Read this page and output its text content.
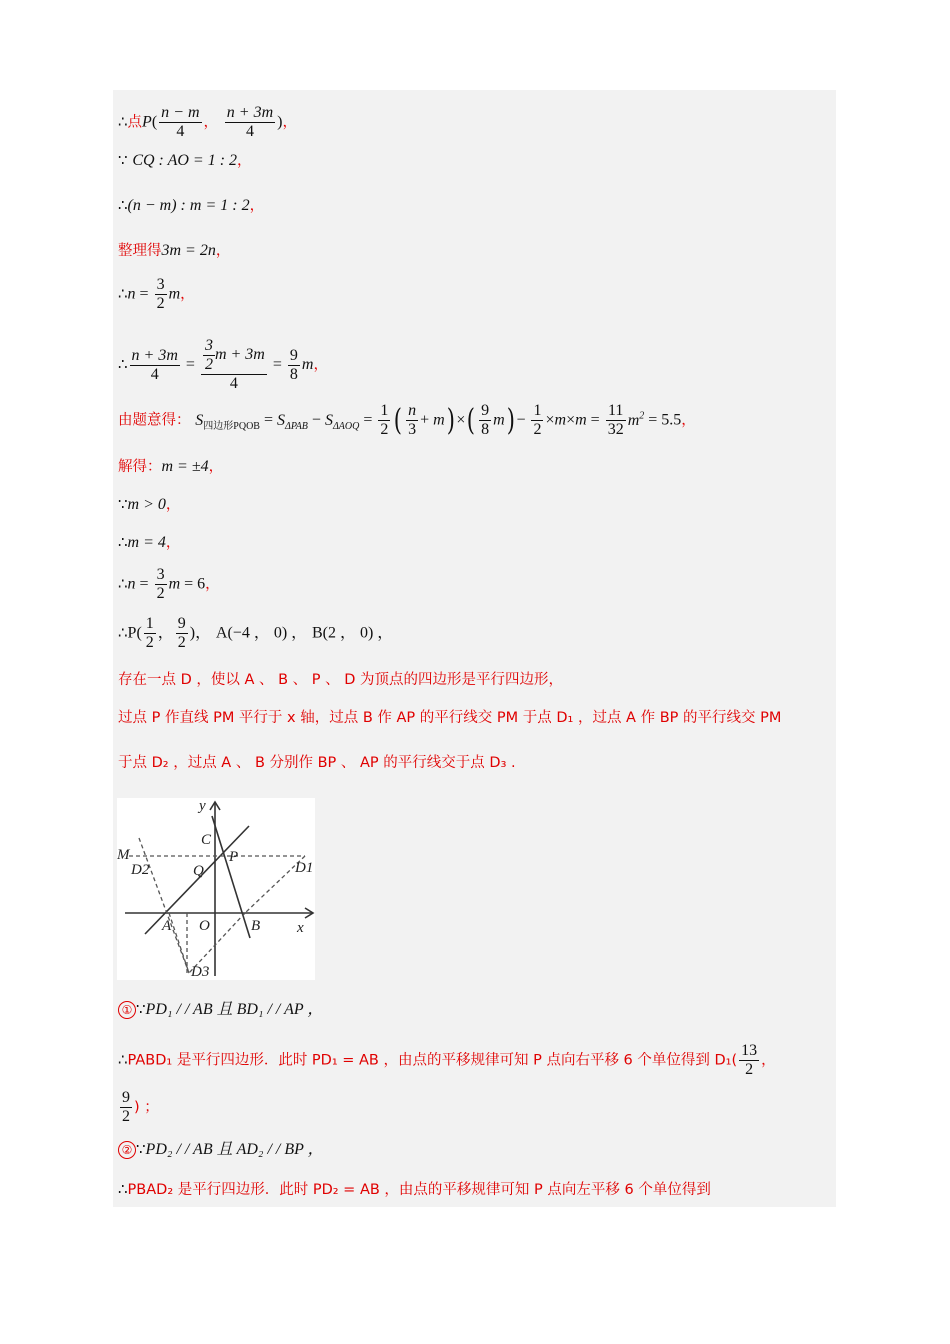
∴点$P( \frac{n - m}{4}$ ， $\frac{n + 3m}{4}$ )，
∵ CQ : AO = 1 : 2，
∴(n − m) : m = 1 : 2，
整理得3m = 2n，
∴n = $\frac{3}{2}$ m，
∴ $\frac{n + 3m}{4} = \frac{\frac{3}{2} m + 3m}{4} = \frac{9}{8}$ m，
由题意得： $S_{四边形PQOB} = S_{\Delta PAB} - S_{\Delta AOQ} = \frac{1}{2}$ ( $\frac{n}{3} + m$) ×( $\frac{9}{8} m) - \frac{1}{2} \times m\times m = \frac{11}{32} m^2 = 5.5$，
解得：m = ±4，
∵m > 0，
∴m = 4，
∴n = $\frac{3}{2}$ m = 6，
∴P( $\frac{1}{2}$ ， $\frac{9}{2}$ )， A(−4 ， 0) ， B(2 ， 0) ，
存在一点 D ，使以 A 、 B 、 P 、 D 为顶点的四边形是平行四边形，
过点 P 作直线 PM 平行于 x 轴，过点 B 作 AP 的平行线交 PM 于点 D₁ ，过点 A 作 BP 的平行线交 PM
于点 D₂ ，过点 A 、 B 分别作 BP 、 AP 的平行线交于点 D₃ .
y
x
C
P
M
D1
D2	Q
A O	B
D3
① ∵PD₁ / / AB 且 BD₁ / / AP ，
∴PABD₁ 是平行四边形．此时 PD₁ = AB ，由点的平移规律可知 P 点向右平移 6 个单位得到 $D_1( \frac{13}{2}$ ，
$\frac{9}{2}$ ) ；
② ∵PD₂ / / AB 且 AD₂ / / BP ，
∴PBAD₂ 是平行四边形．此时 PD₂ = AB ，由点的平移规律可知 P 点向左平移 6 个单位得到
